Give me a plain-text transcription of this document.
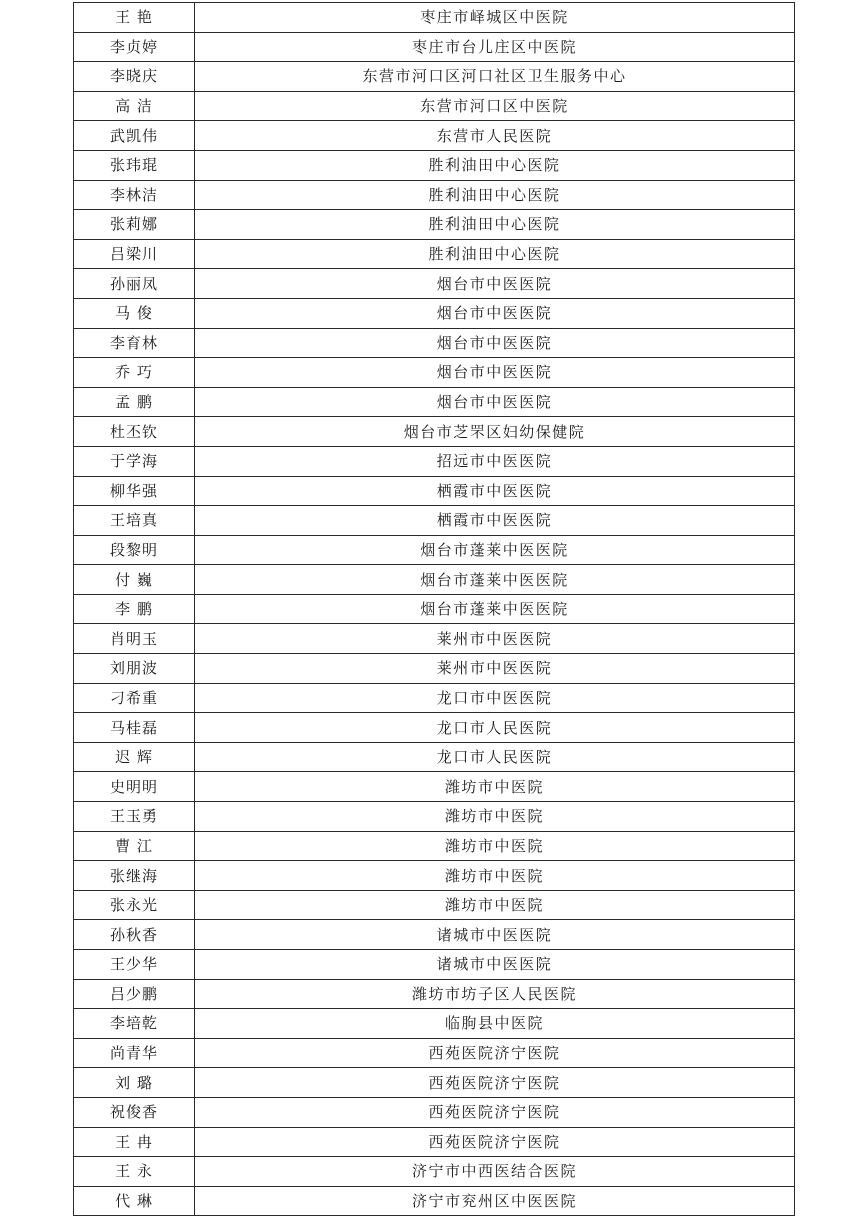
王 艳	枣庄市峄城区中医院
李贞婷	枣庄市台儿庄区中医院
李晓庆	东营市河口区河口社区卫生服务中心
高 洁	东营市河口区中医院
武凯伟	东营市人民医院
张玮琨	胜利油田中心医院
李林洁	胜利油田中心医院
张莉娜	胜利油田中心医院
吕梁川	胜利油田中心医院
孙丽凤	烟台市中医医院
马 俊	烟台市中医医院
李育林	烟台市中医医院
乔 巧	烟台市中医医院
孟 鹏	烟台市中医医院
杜丕钦	烟台市芝罘区妇幼保健院
于学海	招远市中医医院
柳华强	栖霞市中医医院
王培真	栖霞市中医医院
段黎明	烟台市蓬莱中医医院
付 巍	烟台市蓬莱中医医院
李 鹏	烟台市蓬莱中医医院
肖明玉	莱州市中医医院
刘朋波	莱州市中医医院
刁希重	龙口市中医医院
马桂磊	龙口市人民医院
迟 辉	龙口市人民医院
史明明	潍坊市中医院
王玉勇	潍坊市中医院
曹 江	潍坊市中医院
张继海	潍坊市中医院
张永光	潍坊市中医院
孙秋香	诸城市中医医院
王少华	诸城市中医医院
吕少鹏	潍坊市坊子区人民医院
李培乾	临朐县中医院
尚青华	西苑医院济宁医院
刘 璐	西苑医院济宁医院
祝俊香	西苑医院济宁医院
王 冉	西苑医院济宁医院
王 永	济宁市中西医结合医院
代 琳	济宁市兖州区中医医院
